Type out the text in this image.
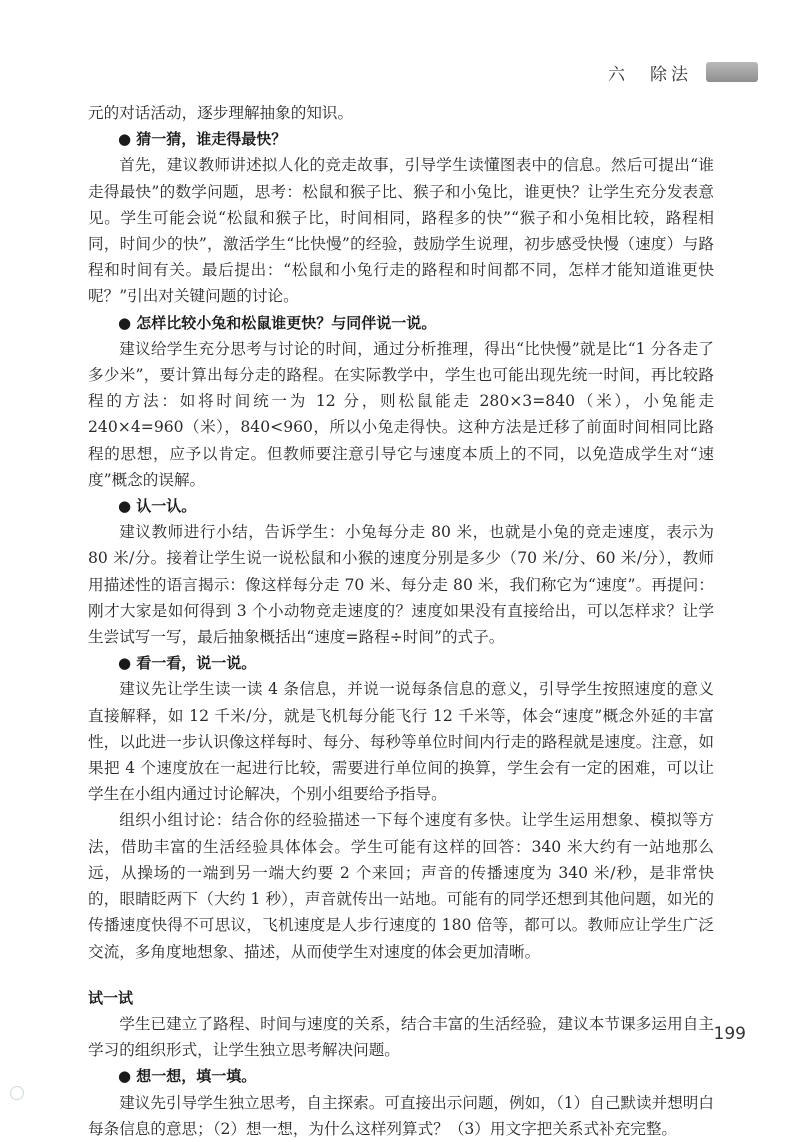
六　除法

元的对话活动，逐步理解抽象的知识。

● 猜一猜，谁走得最快？

首先，建议教师讲述拟人化的竞走故事，引导学生读懂图表中的信息。然后可提出“谁走得最快”的数学问题，思考：松鼠和猴子比、猴子和小兔比，谁更快？让学生充分发表意见。学生可能会说“松鼠和猴子比，时间相同，路程多的快”“猴子和小兔相比较，路程相同，时间少的快”，激活学生“比快慢”的经验，鼓励学生说理，初步感受快慢（速度）与路程和时间有关。最后提出：“松鼠和小兔行走的路程和时间都不同，怎样才能知道谁更快呢？”引出对关键问题的讨论。

● 怎样比较小兔和松鼠谁更快？与同伴说一说。

建议给学生充分思考与讨论的时间，通过分析推理，得出“比快慢”就是比“1 分各走了多少米”，要计算出每分走的路程。在实际教学中，学生也可能出现先统一时间，再比较路程的方法：如将时间统一为 12 分，则松鼠能走 280×3=840（米），小兔能走 240×4=960（米），840<960，所以小兔走得快。这种方法是迁移了前面时间相同比路程的思想，应予以肯定。但教师要注意引导它与速度本质上的不同，以免造成学生对“速度”概念的误解。

● 认一认。

建议教师进行小结，告诉学生：小兔每分走 80 米，也就是小兔的竞走速度，表示为 80 米/分。接着让学生说一说松鼠和小猴的速度分别是多少（70 米/分、60 米/分），教师用描述性的语言揭示：像这样每分走 70 米、每分走 80 米，我们称它为“速度”。再提问：刚才大家是如何得到 3 个小动物竞走速度的？速度如果没有直接给出，可以怎样求？让学生尝试写一写，最后抽象概括出“速度=路程÷时间”的式子。

● 看一看，说一说。

建议先让学生读一读 4 条信息，并说一说每条信息的意义，引导学生按照速度的意义直接解释，如 12 千米/分，就是飞机每分能飞行 12 千米等，体会“速度”概念外延的丰富性，以此进一步认识像这样每时、每分、每秒等单位时间内行走的路程就是速度。注意，如果把 4 个速度放在一起进行比较，需要进行单位间的换算，学生会有一定的困难，可以让学生在小组内通过讨论解决，个别小组要给予指导。

组织小组讨论：结合你的经验描述一下每个速度有多快。让学生运用想象、模拟等方法，借助丰富的生活经验具体体会。学生可能有这样的回答：340 米大约有一站地那么远，从操场的一端到另一端大约要 2 个来回；声音的传播速度为 340 米/秒，是非常快的，眼睛眨两下（大约 1 秒），声音就传出一站地。可能有的同学还想到其他问题，如光的传播速度快得不可思议，飞机速度是人步行速度的 180 倍等，都可以。教师应让学生广泛交流，多角度地想象、描述，从而使学生对速度的体会更加清晰。

试一试

学生已建立了路程、时间与速度的关系，结合丰富的生活经验，建议本节课多运用自主学习的组织形式，让学生独立思考解决问题。

● 想一想，填一填。

建议先引导学生独立思考，自主探索。可直接出示问题，例如，（1）自己默读并想明白每条信息的意思；（2）想一想，为什么这样列算式？（3）用文字把关系式补充完整。

199
